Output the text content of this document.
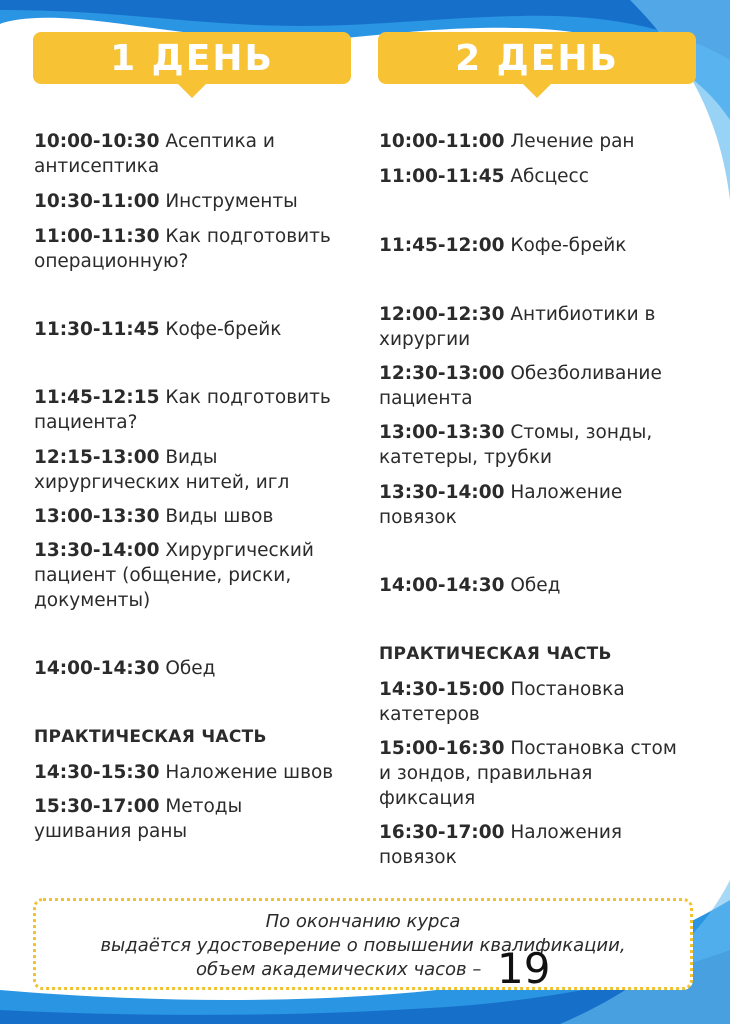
1 ДЕНЬ	2 ДЕНЬ
10:00-10:30 Асептика и
антисептика
10:30-11:00 Инструменты
11:00-11:30 Как подготовить
операционную?
11:30-11:45 Кофе-брейк
11:45-12:15 Как подготовить
пациента?
12:15-13:00 Виды
хирургических нитей, игл
13:00-13:30 Виды швов
13:30-14:00 Хирургический
пациент (общение, риски,
документы)
14:00-14:30 Обед
ПРАКТИЧЕСКАЯ ЧАСТЬ
14:30-15:30 Наложение швов
15:30-17:00 Методы
ушивания раны
10:00-11:00 Лечение ран
11:00-11:45 Абсцесс
11:45-12:00 Кофе-брейк
12:00-12:30 Антибиотики в
хирургии
12:30-13:00 Обезболивание
пациента
13:00-13:30 Стомы, зонды,
катетеры, трубки
13:30-14:00 Наложение
повязок
14:00-14:30 Обед
ПРАКТИЧЕСКАЯ ЧАСТЬ
14:30-15:00 Постановка
катетеров
15:00-16:30 Постановка стом
и зондов, правильная
фиксация
16:30-17:00 Наложения
повязок
По окончанию курса
выдаётся удостоверение о повышении квалификации,
объем академических часов – 19
